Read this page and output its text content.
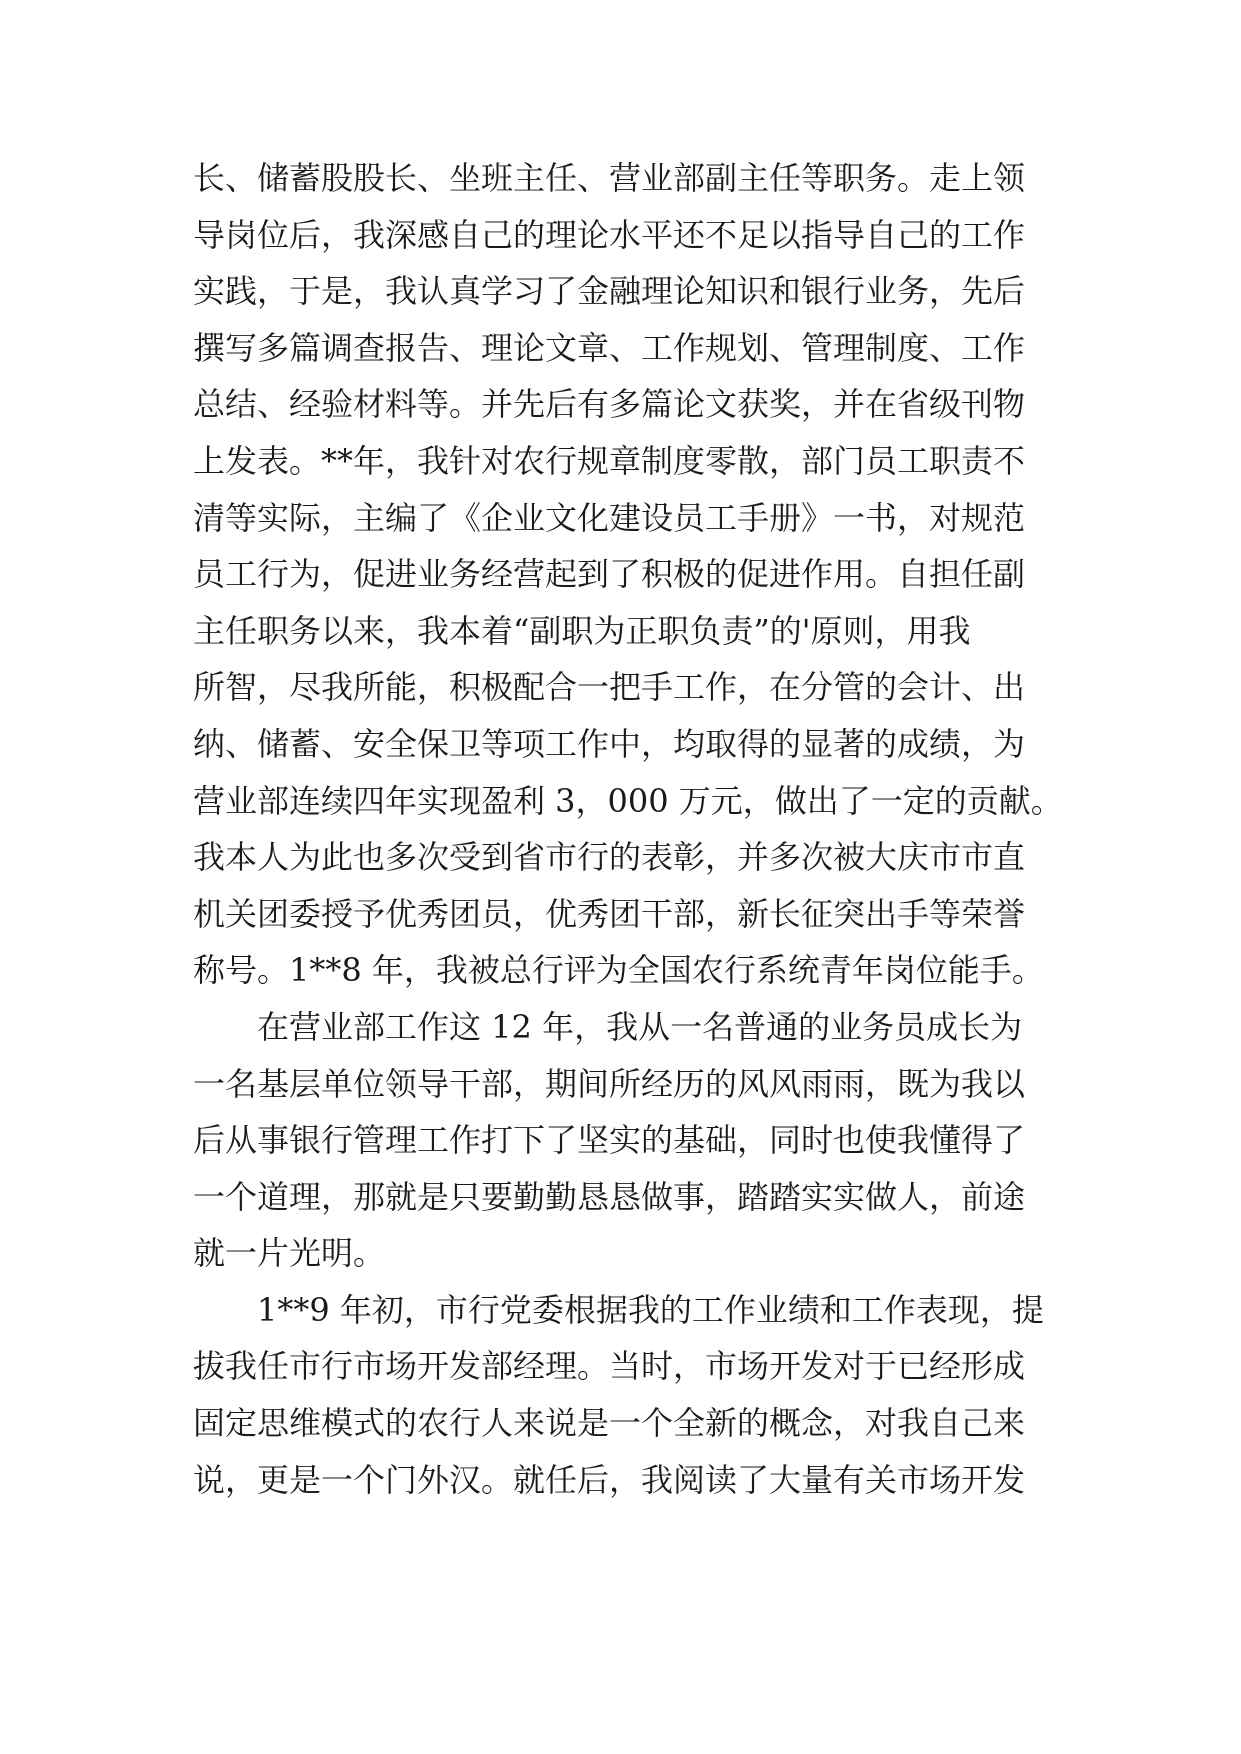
长、储蓄股股长、坐班主任、营业部副主任等职务。走上领
导岗位后，我深感自己的理论水平还不足以指导自己的工作
实践，于是，我认真学习了金融理论知识和银行业务，先后
撰写多篇调查报告、理论文章、工作规划、管理制度、工作
总结、经验材料等。并先后有多篇论文获奖，并在省级刊物
上发表。**年，我针对农行规章制度零散，部门员工职责不
清等实际，主编了《企业文化建设员工手册》一书，对规范
员工行为，促进业务经营起到了积极的促进作用。自担任副
主任职务以来，我本着“副职为正职负责”的'原则，用我
所智，尽我所能，积极配合一把手工作，在分管的会计、出
纳、储蓄、安全保卫等项工作中，均取得的显著的成绩，为
营业部连续四年实现盈利 3，000 万元，做出了一定的贡献。
我本人为此也多次受到省市行的表彰，并多次被大庆市市直
机关团委授予优秀团员，优秀团干部，新长征突出手等荣誉
称号。1**8 年，我被总行评为全国农行系统青年岗位能手。
在营业部工作这 12 年，我从一名普通的业务员成长为
一名基层单位领导干部，期间所经历的风风雨雨，既为我以
后从事银行管理工作打下了坚实的基础，同时也使我懂得了
一个道理，那就是只要勤勤恳恳做事，踏踏实实做人，前途
就一片光明。
1**9 年初，市行党委根据我的工作业绩和工作表现，提
拔我任市行市场开发部经理。当时，市场开发对于已经形成
固定思维模式的农行人来说是一个全新的概念，对我自己来
说，更是一个门外汉。就任后，我阅读了大量有关市场开发
